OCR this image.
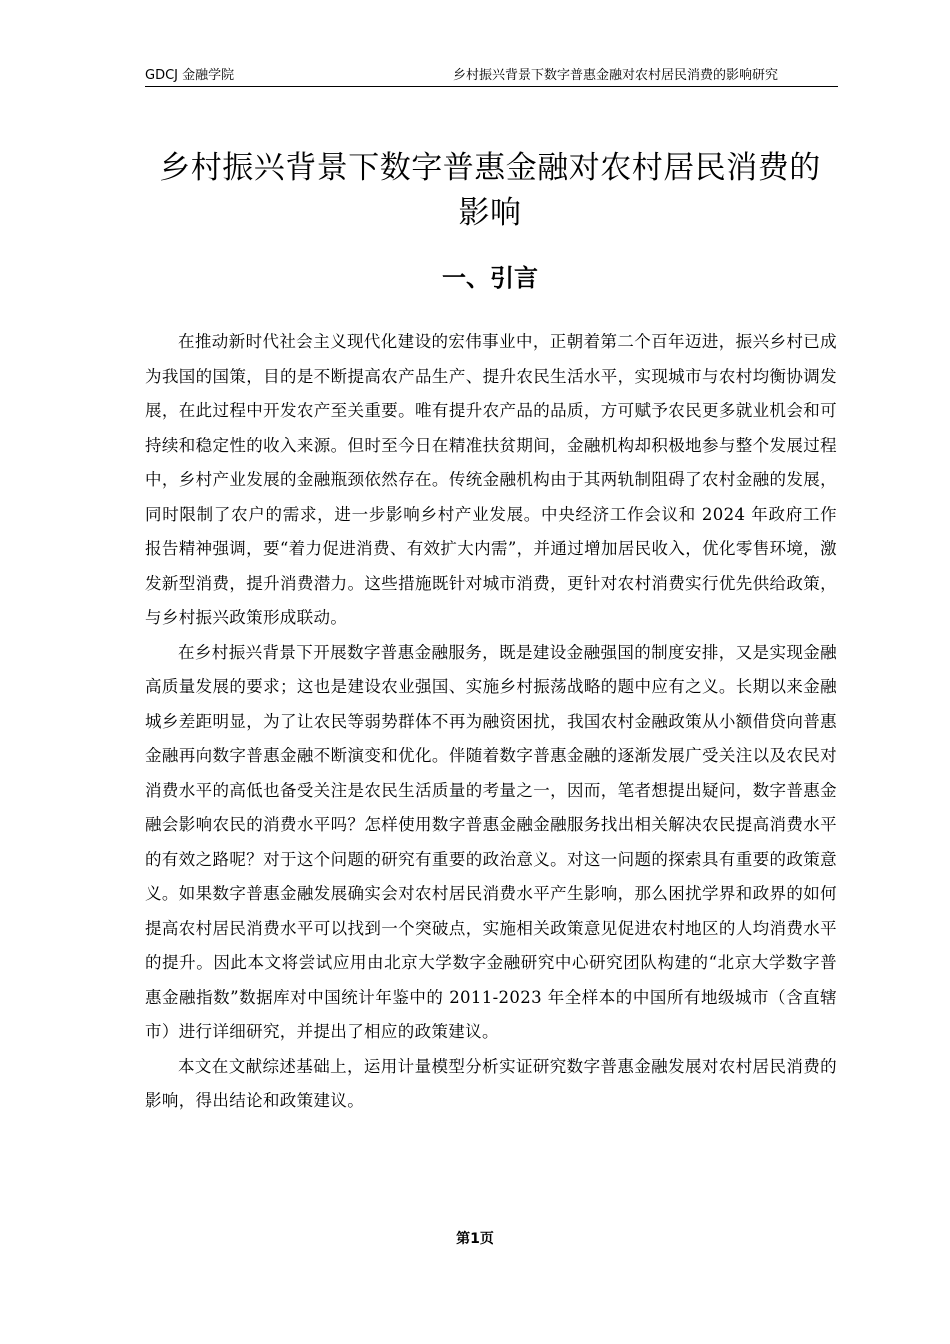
GDCJ 金融学院	乡村振兴背景下数字普惠金融对农村居民消费的影响研究
乡村振兴背景下数字普惠金融对农村居民消费的影响
一、引言

在推动新时代社会主义现代化建设的宏伟事业中，正朝着第二个百年迈进，振兴乡村已成为我国的国策，目的是不断提高农产品生产、提升农民生活水平，实现城市与农村均衡协调发展，在此过程中开发农产至关重要。唯有提升农产品的品质，方可赋予农民更多就业机会和可持续和稳定性的收入来源。但时至今日在精准扶贫期间，金融机构却积极地参与整个发展过程中，乡村产业发展的金融瓶颈依然存在。传统金融机构由于其两轨制阻碍了农村金融的发展，同时限制了农户的需求，进一步影响乡村产业发展。中央经济工作会议和 2024 年政府工作报告精神强调，要“着力促进消费、有效扩大内需”，并通过增加居民收入，优化零售环境，激发新型消费，提升消费潜力。这些措施既针对城市消费，更针对农村消费实行优先供给政策，与乡村振兴政策形成联动。

在乡村振兴背景下开展数字普惠金融服务，既是建设金融强国的制度安排，又是实现金融高质量发展的要求；这也是建设农业强国、实施乡村振荡战略的题中应有之义。长期以来金融城乡差距明显，为了让农民等弱势群体不再为融资困扰，我国农村金融政策从小额借贷向普惠金融再向数字普惠金融不断演变和优化。伴随着数字普惠金融的逐渐发展广受关注以及农民对消费水平的高低也备受关注是农民生活质量的考量之一，因而，笔者想提出疑问，数字普惠金融会影响农民的消费水平吗？怎样使用数字普惠金融金融服务找出相关解决农民提高消费水平的有效之路呢？对于这个问题的研究有重要的政治意义。对这一问题的探索具有重要的政策意义。如果数字普惠金融发展确实会对农村居民消费水平产生影响，那么困扰学界和政界的如何提高农村居民消费水平可以找到一个突破点，实施相关政策意见促进农村地区的人均消费水平的提升。因此本文将尝试应用由北京大学数字金融研究中心研究团队构建的“北京大学数字普惠金融指数”数据库对中国统计年鉴中的 2011-2023 年全样本的中国所有地级城市（含直辖市）进行详细研究，并提出了相应的政策建议。

本文在文献综述基础上，运用计量模型分析实证研究数字普惠金融发展对农村居民消费的影响，得出结论和政策建议。

第1页
